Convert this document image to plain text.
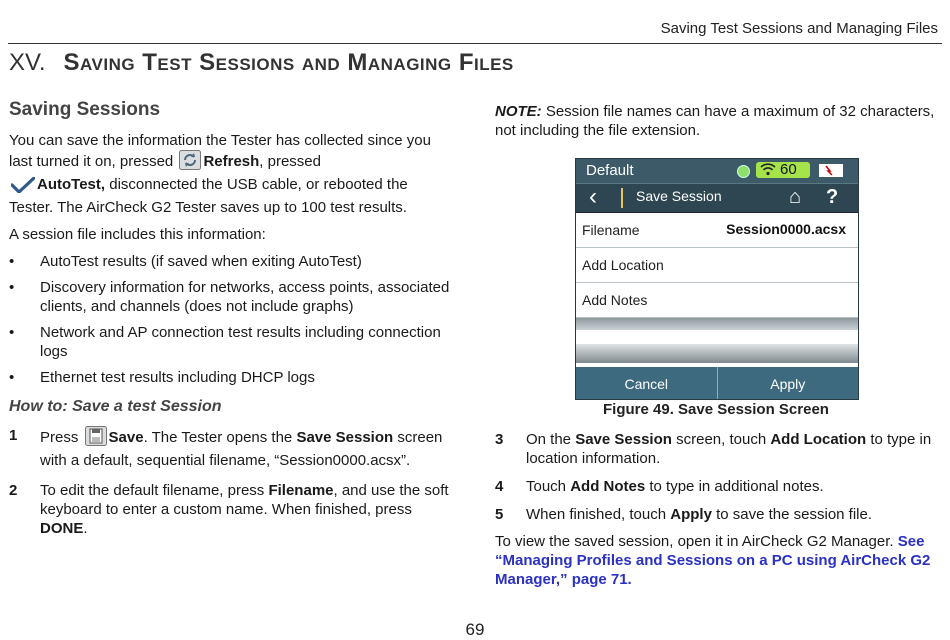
Saving Test Sessions and Managing Files
XV. Saving Test Sessions and Managing Files
Saving Sessions

You can save the information the Tester has collected since you last turned it on, pressed Refresh, pressed
AutoTest, disconnected the USB cable, or rebooted the Tester. The AirCheck G2 Tester saves up to 100 test results.

A session file includes this information:

• AutoTest results (if saved when exiting AutoTest)
• Discovery information for networks, access points, associated clients, and channels (does not include graphs)
• Network and AP connection test results including connection logs
• Ethernet test results including DHCP logs
How to: Save a test Session
1 Press Save. The Tester opens the Save Session screen with a default, sequential filename, “Session0000.acsx”.
2 To edit the default filename, press Filename, and use the soft keyboard to enter a custom name. When finished, press DONE.

NOTE: Session file names can have a maximum of 32 characters, not including the file extension.

Default	60
‹	Save Session	⌂ ?
Filename	Session0000.acsx
Add Location
Add Notes
Cancel	Apply
Figure 49. Save Session Screen
3 On the Save Session screen, touch Add Location to type in location information.
4 Touch Add Notes to type in additional notes.
5 When finished, touch Apply to save the session file.

To view the saved session, open it in AirCheck G2 Manager. See “Managing Profiles and Sessions on a PC using AirCheck G2 Manager,” page 71.

69
